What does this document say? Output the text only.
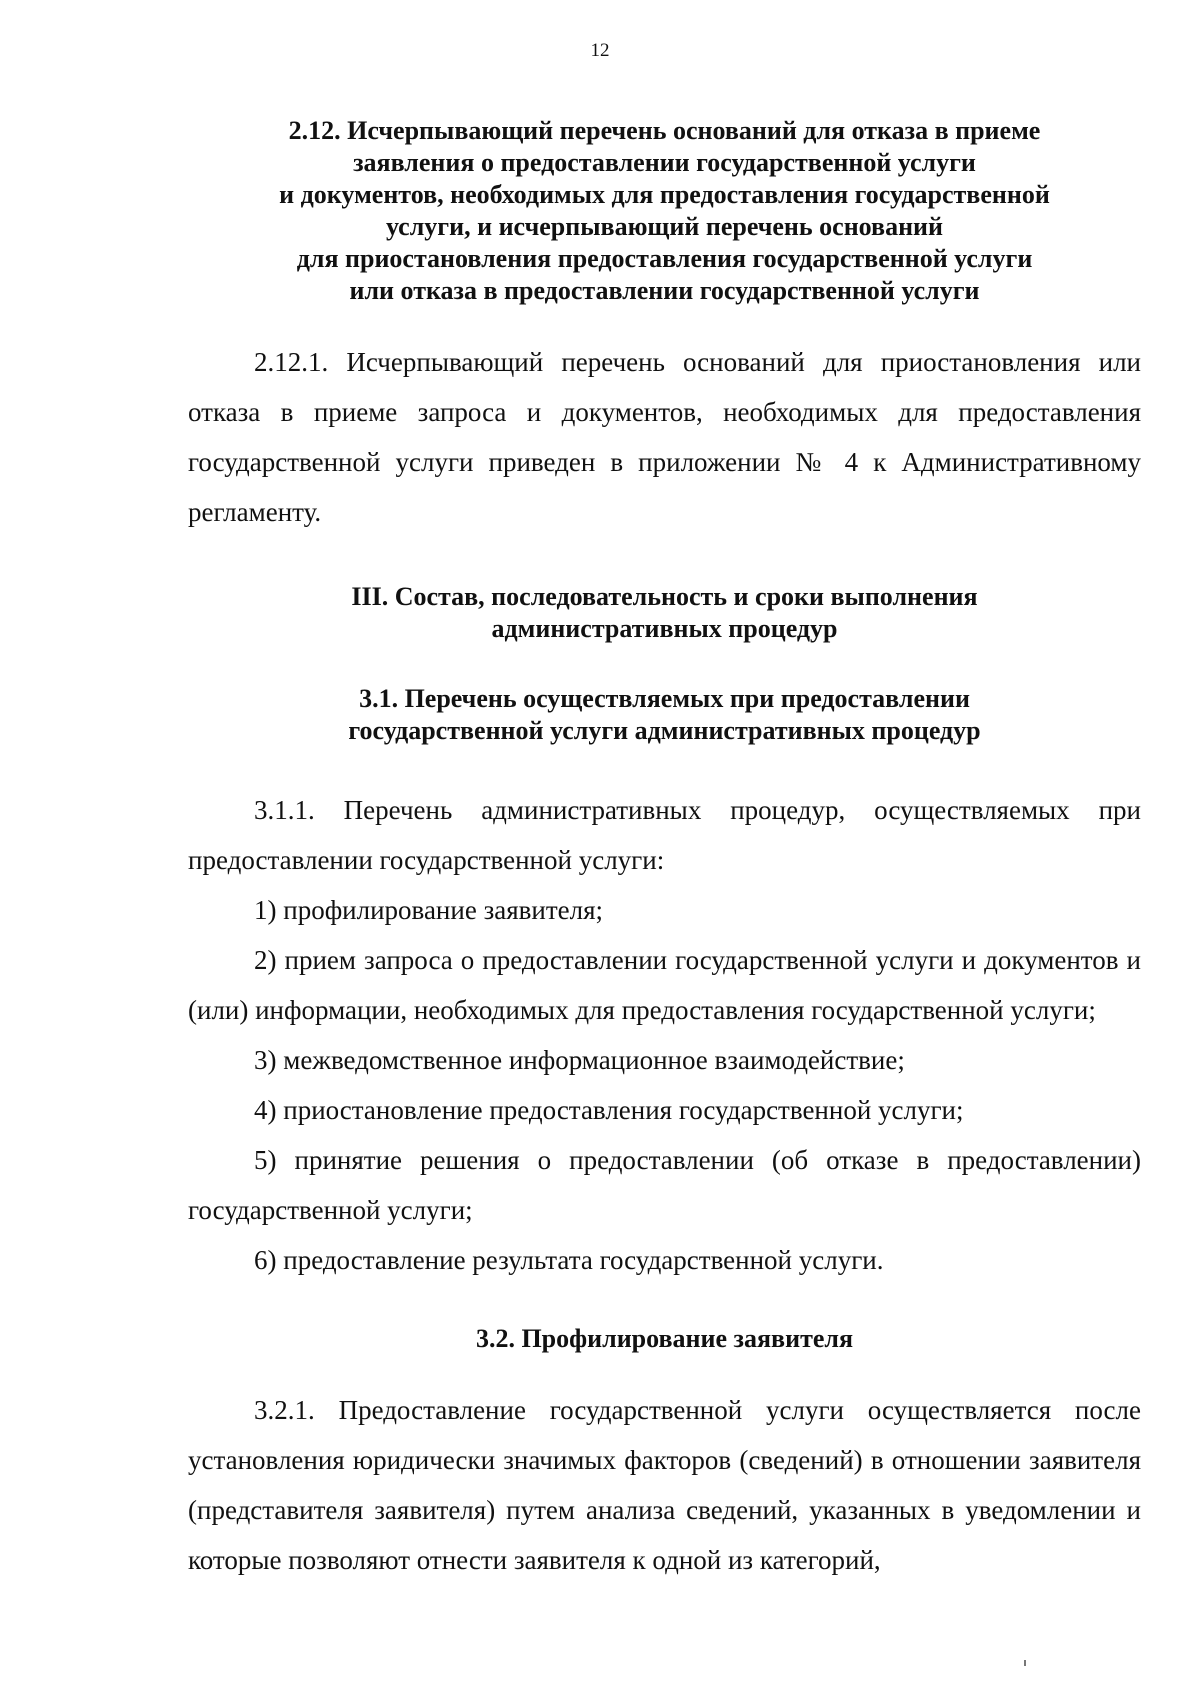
12
2.12. Исчерпывающий перечень оснований для отказа в приеме
заявления о предоставлении государственной услуги
и документов, необходимых для предоставления государственной
услуги, и исчерпывающий перечень оснований
для приостановления предоставления государственной услуги
или отказа в предоставлении государственной услуги

2.12.1. Исчерпывающий перечень оснований для приостановления или отказа в приеме запроса и документов, необходимых для предоставления государственной услуги приведен в приложении № 4 к Административному регламенту.

III. Состав, последовательность и сроки выполнения
административных процедур
3.1. Перечень осуществляемых при предоставлении
государственной услуги административных процедур

3.1.1. Перечень административных процедур, осуществляемых при предоставлении государственной услуги:

1) профилирование заявителя;

2) прием запроса о предоставлении государственной услуги и документов и (или) информации, необходимых для предоставления государственной услуги;

3) межведомственное информационное взаимодействие;

4) приостановление предоставления государственной услуги;

5) принятие решения о предоставлении (об отказе в предоставлении) государственной услуги;

6) предоставление результата государственной услуги.

3.2. Профилирование заявителя

3.2.1. Предоставление государственной услуги осуществляется после установления юридически значимых факторов (сведений) в отношении заявителя (представителя заявителя) путем анализа сведений, указанных в уведомлении и которые позволяют отнести заявителя к одной из категорий,
